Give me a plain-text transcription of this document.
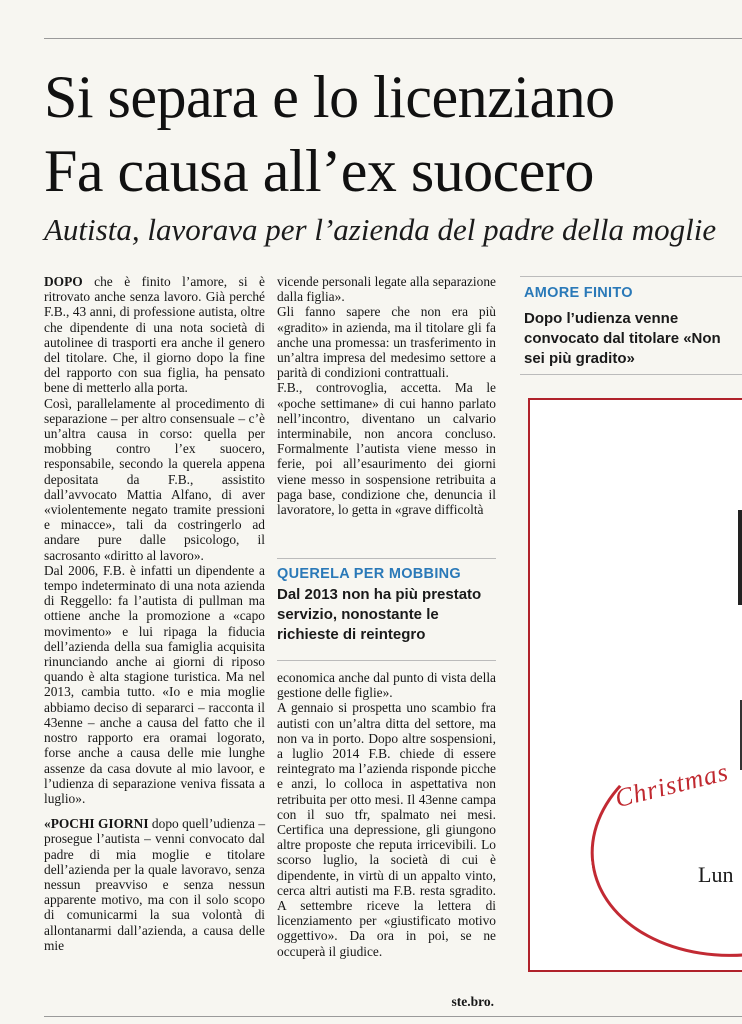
Si separa e lo licenziano
Fa causa all’ex suocero
Autista, lavorava per l’azienda del padre della moglie

DOPO che è finito l’amore, si è ritrovato anche senza lavoro. Già perché F.B., 43 anni, di professione autista, oltre che dipendente di una nota società di autolinee di trasporti era anche il genero del titolare. Che, il giorno dopo la fine del rapporto con sua figlia, ha pensato bene di metterlo alla porta.

Così, parallelamente al procedimento di separazione – per altro consensuale – c’è un’altra causa in corso: quella per mobbing contro l’ex suocero, responsabile, secondo la querela appena depositata da F.B., assistito dall’avvocato Mattia Alfano, di aver «violentemente negato tramite pressioni e minacce», tali da costringerlo ad andare pure dalle psicologo, il sacrosanto «diritto al lavoro».

Dal 2006, F.B. è infatti un dipendente a tempo indeterminato di una nota azienda di Reggello: fa l’autista di pullman ma ottiene anche la promozione a «capo movimento» e lui ripaga la fiducia dell’azienda della sua famiglia acquisita rinunciando anche ai giorni di riposo quando è alta stagione turistica. Ma nel 2013, cambia tutto. «Io e mia moglie abbiamo deciso di separarci – racconta il 43enne – anche a causa del fatto che il nostro rapporto era oramai logorato, forse anche a causa delle mie lunghe assenze da casa dovute al mio lavoor, e l’udienza di separazione veniva fissata a luglio».

«POCHI GIORNI dopo quell’udienza – prosegue l’autista – venni convocato dal padre di mia moglie e titolare dell’azienda per la quale lavoravo, senza nessun preavviso e senza nessun apparente motivo, ma con il solo scopo di comunicarmi la sua volontà di allontanarmi dall’azienda, a causa delle mie

vicende personali legate alla separazione dalla figlia».

Gli fanno sapere che non era più «gradito» in azienda, ma il titolare gli fa anche una promessa: un trasferimento in un’altra impresa del medesimo settore a parità di condizioni contrattuali.

F.B., controvoglia, accetta. Ma le «poche settimane» di cui hanno parlato nell’incontro, diventano un calvario interminabile, non ancora concluso. Formalmente l’autista viene messo in ferie, poi all’esaurimento dei giorni viene messo in sospensione retribuita a paga base, condizione che, denuncia il lavoratore, lo getta in «grave difficoltà

QUERELA PER MOBBING
Dal 2013 non ha più prestato servizio, nonostante le richieste di reintegro

economica anche dal punto di vista della gestione delle figlie».

A gennaio si prospetta uno scambio fra autisti con un’altra ditta del settore, ma non va in porto. Dopo altre sospensioni, a luglio 2014 F.B. chiede di essere reintegrato ma l’azienda risponde picche e anzi, lo colloca in aspettativa non retribuita per otto mesi. Il 43enne campa con il suo tfr, spalmato nei mesi. Certifica una depressione, gli giungono altre proposte che reputa irricevibili. Lo scorso luglio, la società di cui è dipendente, in virtù di un appalto vinto, cerca altri autisti ma F.B. resta sgradito. A settembre riceve la lettera di licenziamento per «giustificato motivo oggettivo». Da ora in poi, se ne occuperà il giudice.

ste.bro.
AMORE FINITO
Dopo l’udienza venne convocato dal titolare «Non sei più gradito»
Christmas
Lun
